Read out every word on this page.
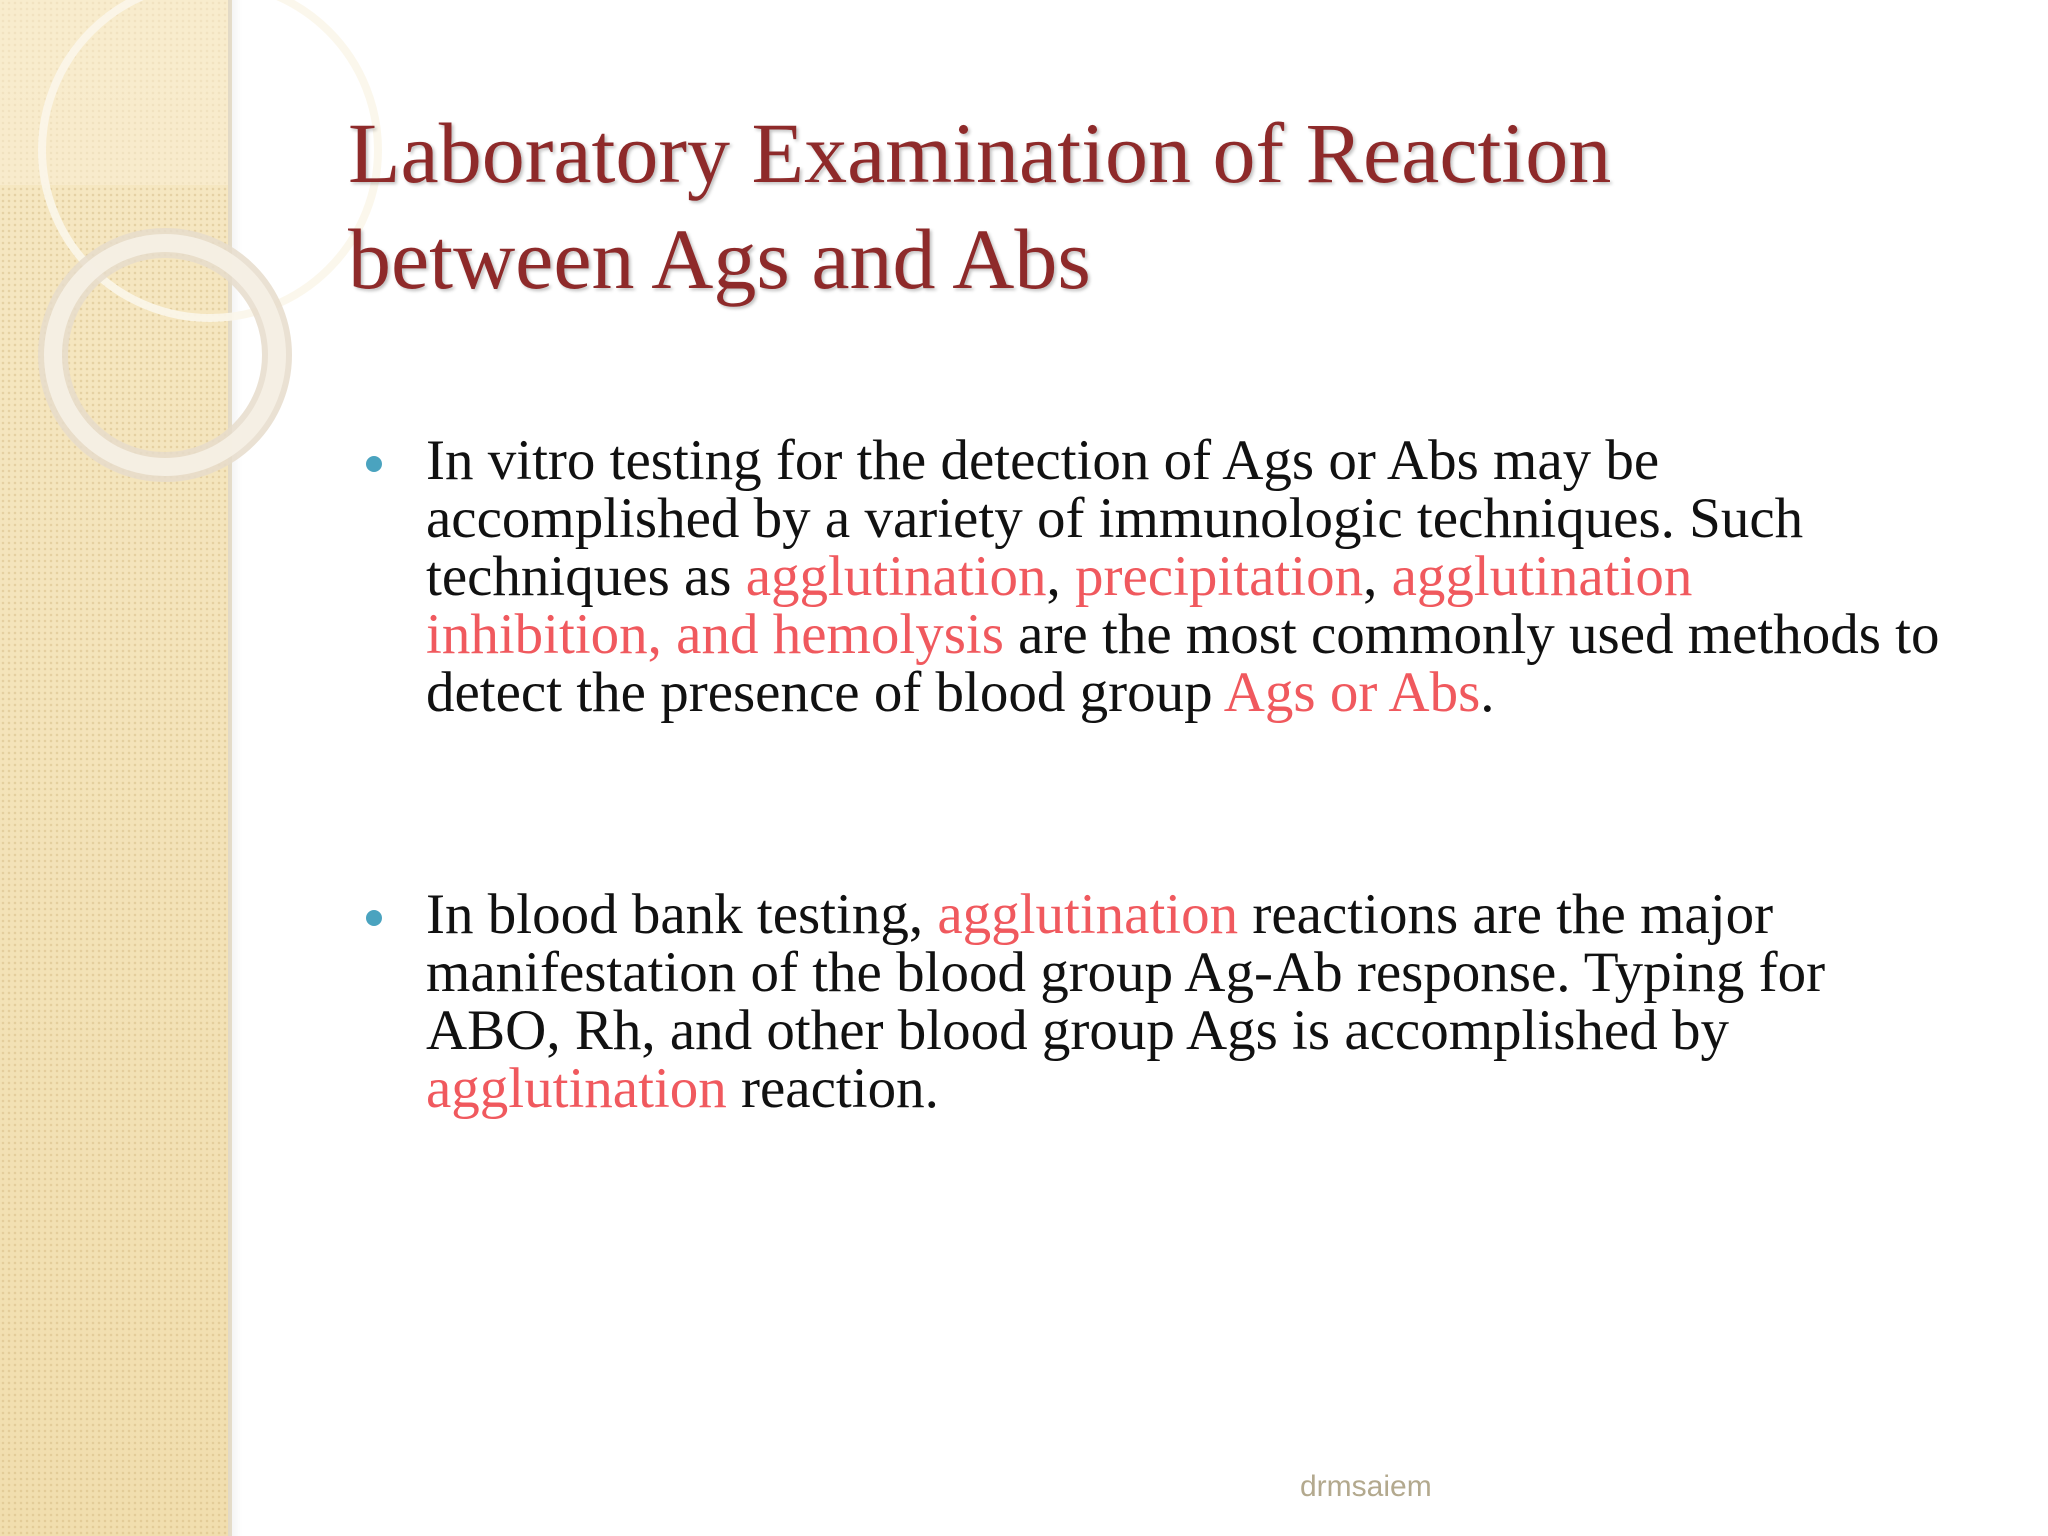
Laboratory Examination of Reaction
between Ags and Abs
In vitro testing for the detection of Ags or Abs may be accomplished by a variety of immunologic techniques. Such techniques as agglutination, precipitation, agglutination inhibition, and hemolysis are the most commonly used methods to detect the presence of blood group Ags or Abs.
In blood bank testing, agglutination reactions are the major manifestation of the blood group Ag-Ab response. Typing for ABO, Rh, and other blood group Ags is accomplished by agglutination reaction.
drmsaiem
